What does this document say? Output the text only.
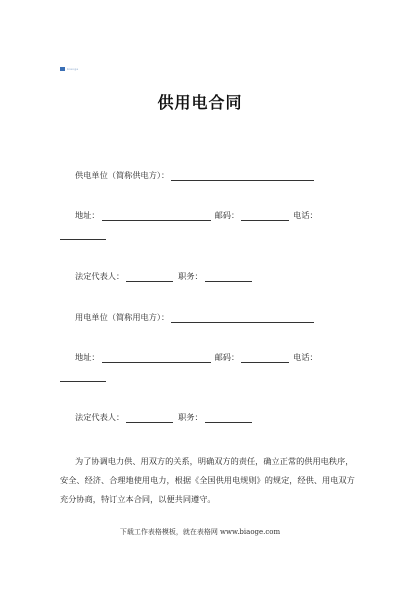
biaoge
供用电合同
供电单位（简称供电方）：
地址：	邮码：	电话：
法定代表人：	职务：
用电单位（简称用电方）：
地址：	邮码：	电话：
法定代表人：	职务：

为了协调电力供、用双方的关系，明确双方的责任，确立正常的供用电秩序，

安全、经济、合理地使用电力，根据《全国供用电规则》的规定，经供、用电双方

充分协商，特订立本合同，以便共同遵守。

下载工作表格模板，就在表格网 www.biaoge.com
